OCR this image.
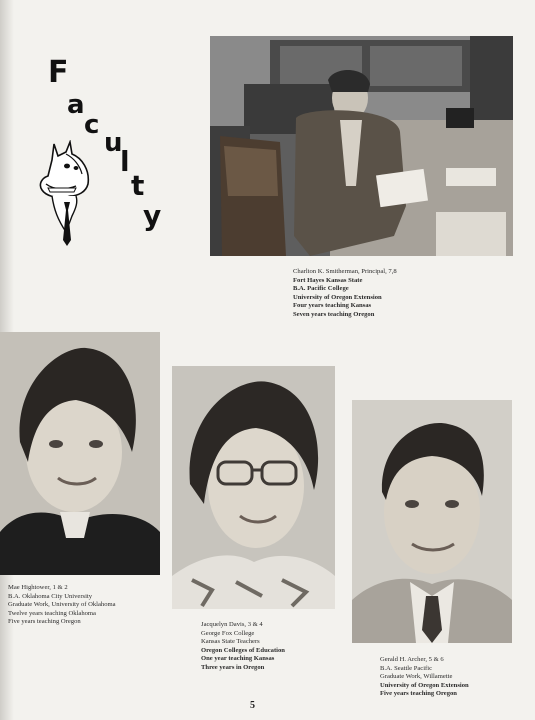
F
a
c
u
l
t
y
Charlton K. Smitherman, Principal, 7,8
Fort Hayes Kansas State
B.A. Pacific College
University of Oregon Extension
Four years teaching Kansas
Seven years teaching Oregon
Mae Hightower, 1 & 2
B.A. Oklahoma City University
Graduate Work, University of Oklahoma
Twelve years teaching Oklahoma
Five years teaching Oregon	Jacquelyn Davis, 3 & 4
George Fox College
Kansas State Teachers
Oregon Colleges of Education
One year teaching Kansas
Three years in Oregon
Gerald H. Archer, 5 & 6
B.A. Seattle Pacific
Graduate Work, Willamette
University of Oregon Extension
Five years teaching Oregon
5
